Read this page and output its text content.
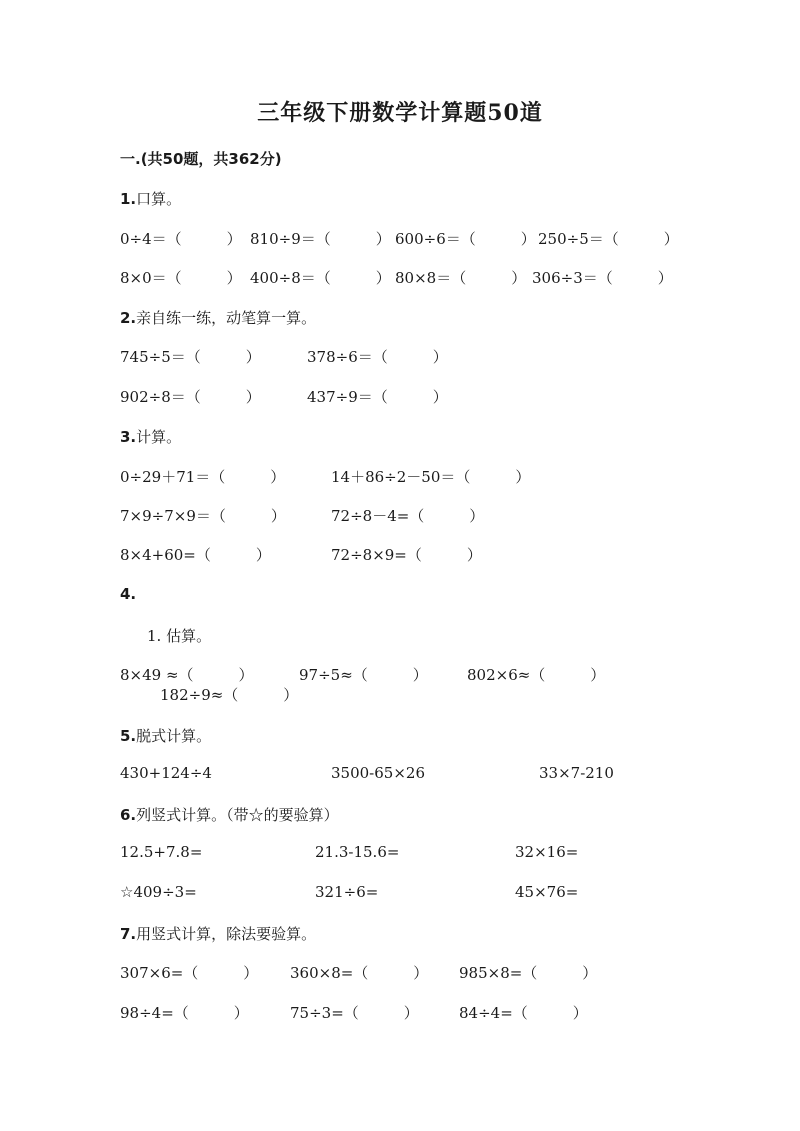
三年级下册数学计算题50道
一.(共50题，共362分)
1.口算。
0÷4＝（　　　） 810÷9＝（　　　） 600÷6＝（　　　） 250÷5＝（　　　）
8×0＝（　　　） 400÷8＝（　　　） 80×8＝（　　　） 306÷3＝（　　　）
2.亲自练一练，动笔算一算。
745÷5＝（　　　）	378÷6＝（　　　）
902÷8＝（　　　）	437÷9＝（　　　）
3.计算。
0÷29＋71＝（　　　）	14＋86÷2－50＝（　　　）
7×9÷7×9＝（　　　）	72÷8－4=（　　　）
8×4+60=（　　　）	72÷8×9=（　　　）
4.
1. 估算。
8×49 ≈（　　　）	97÷5≈（　　　）	802×6≈（　　　）
182÷9≈（　　　）
5.脱式计算。
430+124÷4	3500-65×26	33×7-210
6.列竖式计算。（带☆的要验算）
12.5+7.8=	21.3-15.6=	32×16=
☆409÷3=	321÷6=	45×76=
7.用竖式计算，除法要验算。
307×6=（　　　） 360×8=（　　　） 985×8=（　　　）
98÷4=（　　　）	75÷3=（　　　）	84÷4=（　　　）
